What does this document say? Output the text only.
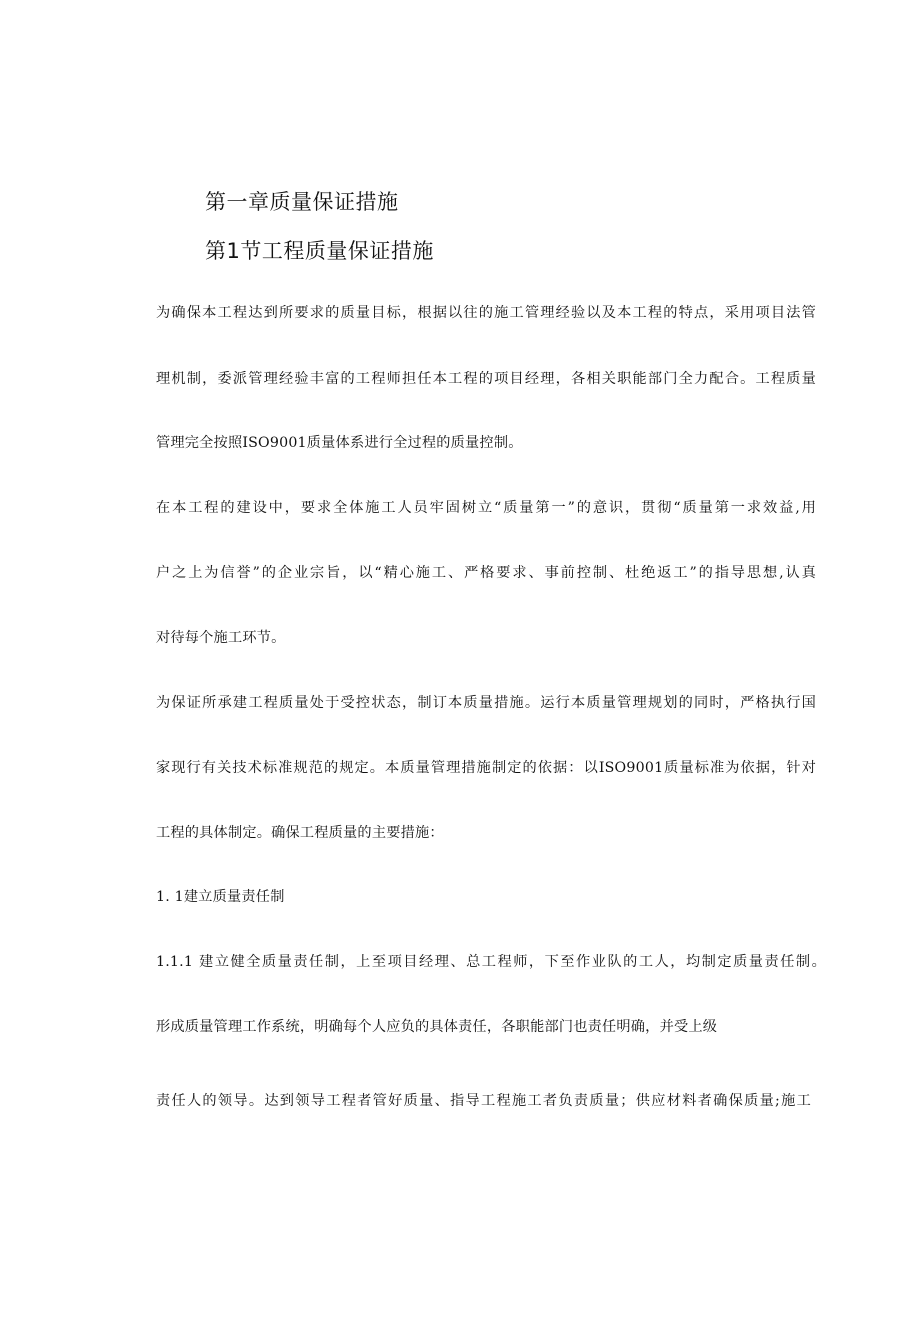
第一章质量保证措施
第1节工程质量保证措施
为确保本工程达到所要求的质量目标，根据以往的施工管理经验以及本工程的特点，采用项目法管
理机制，委派管理经验丰富的工程师担任本工程的项目经理，各相关职能部门全力配合。工程质量
管理完全按照ISO9001质量体系进行全过程的质量控制。
在本工程的建设中，要求全体施工人员牢固树立“质量第一”的意识，贯彻“质量第一求效益,用
户之上为信誉”的企业宗旨，以“精心施工、严格要求、事前控制、杜绝返工”的指导思想,认真
对待每个施工环节。
为保证所承建工程质量处于受控状态，制订本质量措施。运行本质量管理规划的同时，严格执行国
家现行有关技术标准规范的规定。本质量管理措施制定的依据：以ISO9001质量标准为依据，针对
工程的具体制定。确保工程质量的主要措施：
1. 1建立质量责任制
1.1.1 建立健全质量责任制，上至项目经理、总工程师，下至作业队的工人，均制定质量责任制。
形成质量管理工作系统，明确每个人应负的具体责任，各职能部门也责任明确，并受上级
责任人的领导。达到领导工程者管好质量、指导工程施工者负责质量；供应材料者确保质量;施工
